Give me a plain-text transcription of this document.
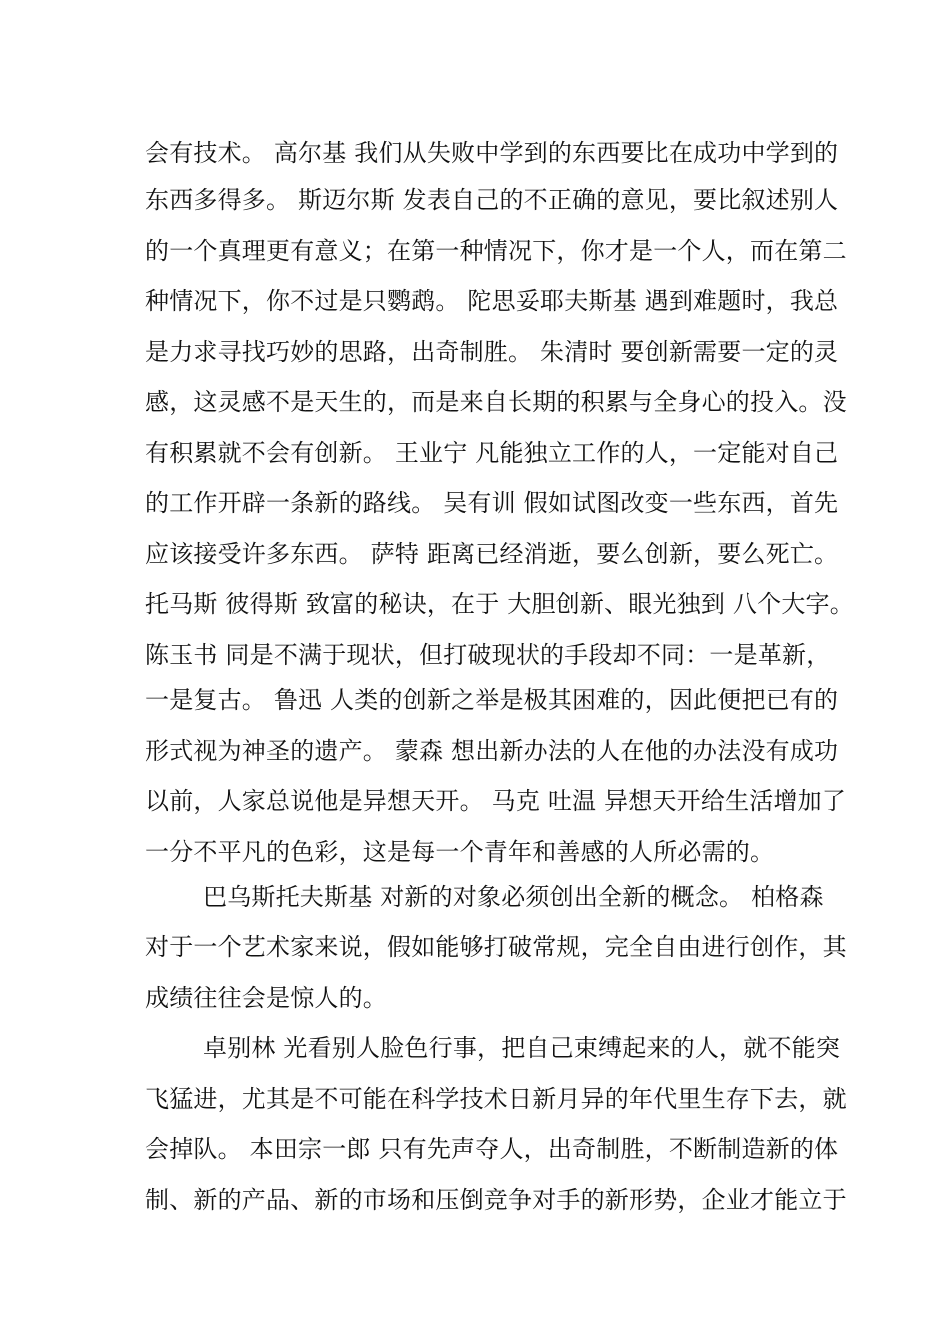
会有技术。 高尔基 我们从失败中学到的东西要比在成功中学到的
东西多得多。 斯迈尔斯 发表自己的不正确的意见，要比叙述别人
的一个真理更有意义；在第一种情况下，你才是一个人，而在第二
种情况下，你不过是只鹦鹉。 陀思妥耶夫斯基 遇到难题时，我总
是力求寻找巧妙的思路，出奇制胜。 朱清时 要创新需要一定的灵
感，这灵感不是天生的，而是来自长期的积累与全身心的投入。没
有积累就不会有创新。 王业宁 凡能独立工作的人，一定能对自己
的工作开辟一条新的路线。 吴有训 假如试图改变一些东西，首先
应该接受许多东西。 萨特 距离已经消逝，要么创新，要么死亡。
托马斯 彼得斯 致富的秘诀，在于 大胆创新、眼光独到 八个大字。
陈玉书 同是不满于现状，但打破现状的手段却不同：一是革新，
一是复古。 鲁迅 人类的创新之举是极其困难的，因此便把已有的
形式视为神圣的遗产。 蒙森 想出新办法的人在他的办法没有成功
以前，人家总说他是异想天开。 马克 吐温 异想天开给生活增加了
一分不平凡的色彩，这是每一个青年和善感的人所必需的。
巴乌斯托夫斯基 对新的对象必须创出全新的概念。 柏格森
对于一个艺术家来说，假如能够打破常规，完全自由进行创作，其
成绩往往会是惊人的。
卓别林 光看别人脸色行事，把自己束缚起来的人，就不能突
飞猛进，尤其是不可能在科学技术日新月异的年代里生存下去，就
会掉队。 本田宗一郎 只有先声夺人，出奇制胜，不断制造新的体
制、新的产品、新的市场和压倒竞争对手的新形势，企业才能立于
